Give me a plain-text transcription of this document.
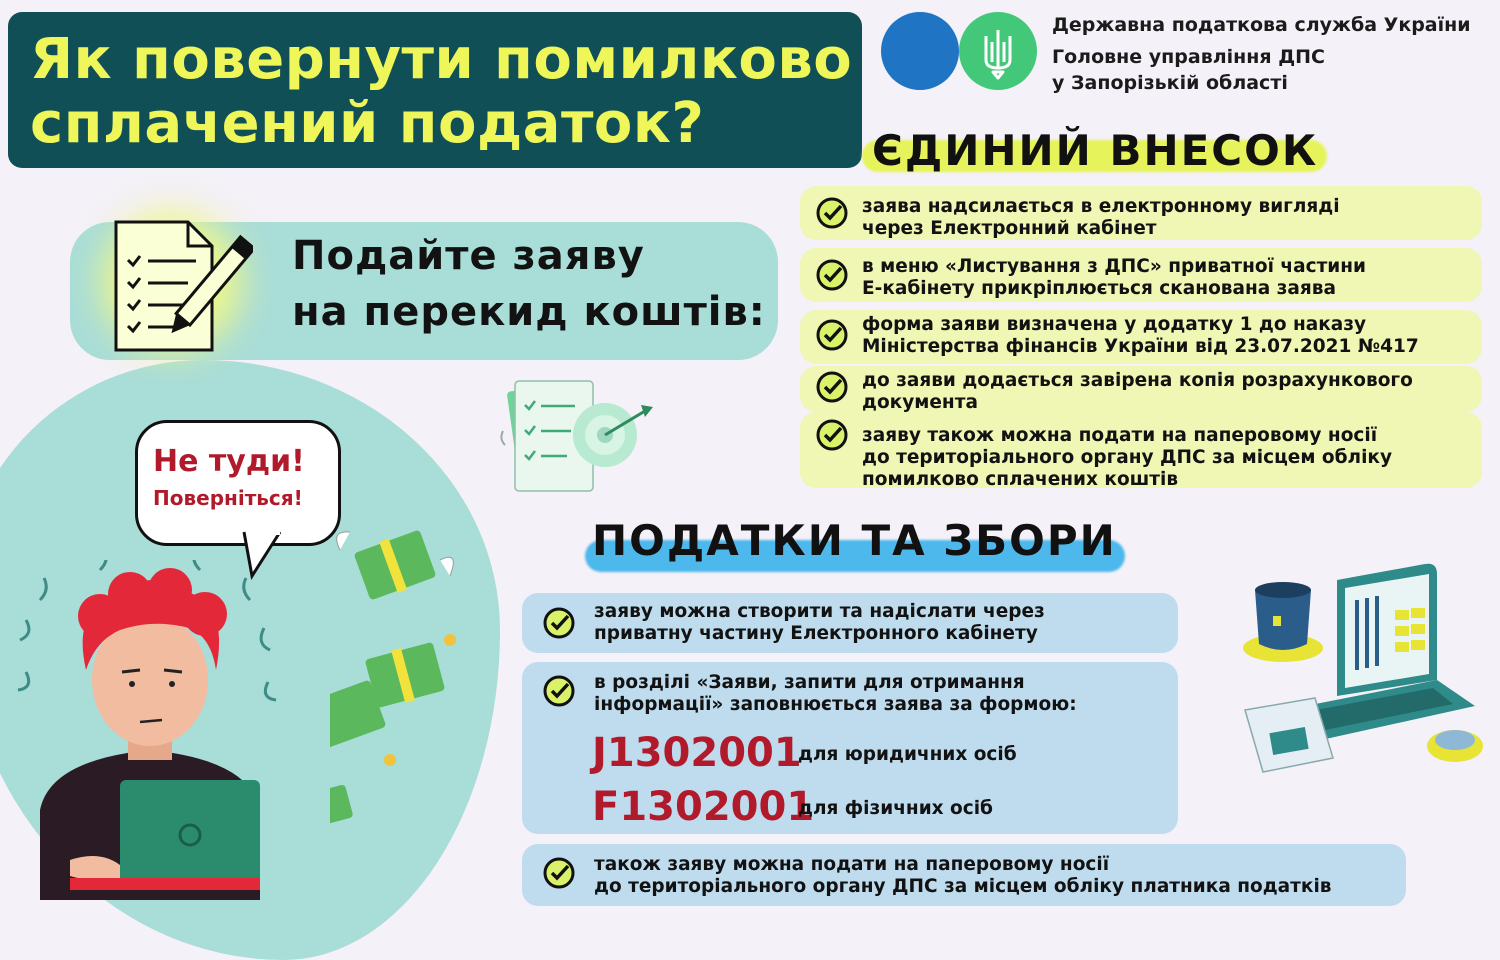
Як повернути помилково
сплачений податок?
Державна податкова служба України
Головне управління ДПС
у Запорізькій області
Подайте заяву
на перекид коштів:
Не туди!
Поверніться!
ЄДИНИЙ ВНЕСОК
заява надсилається в електронному вигляді
через Електронний кабінет
в меню «Листування з ДПС» приватної частини
Е-кабінету прикріплюється сканована заява
форма заяви визначена у додатку 1 до наказу
Міністерства фінансів України від 23.07.2021 №417
до заяви додається завірена копія розрахункового
документа
заяву також можна подати на паперовому носії
до територіального органу ДПС за місцем обліку
помилково сплачених коштів
ПОДАТКИ ТА ЗБОРИ
заяву можна створити та надіслати через
приватну частину Електронного кабінету
в розділі «Заяви, запити для отримання
інформації» заповнюється заява за формою:
J1302001
для юридичних осіб
F1302001
для фізичних осіб
також заяву можна подати на паперовому носії
до територіального органу ДПС за місцем обліку платника податків
